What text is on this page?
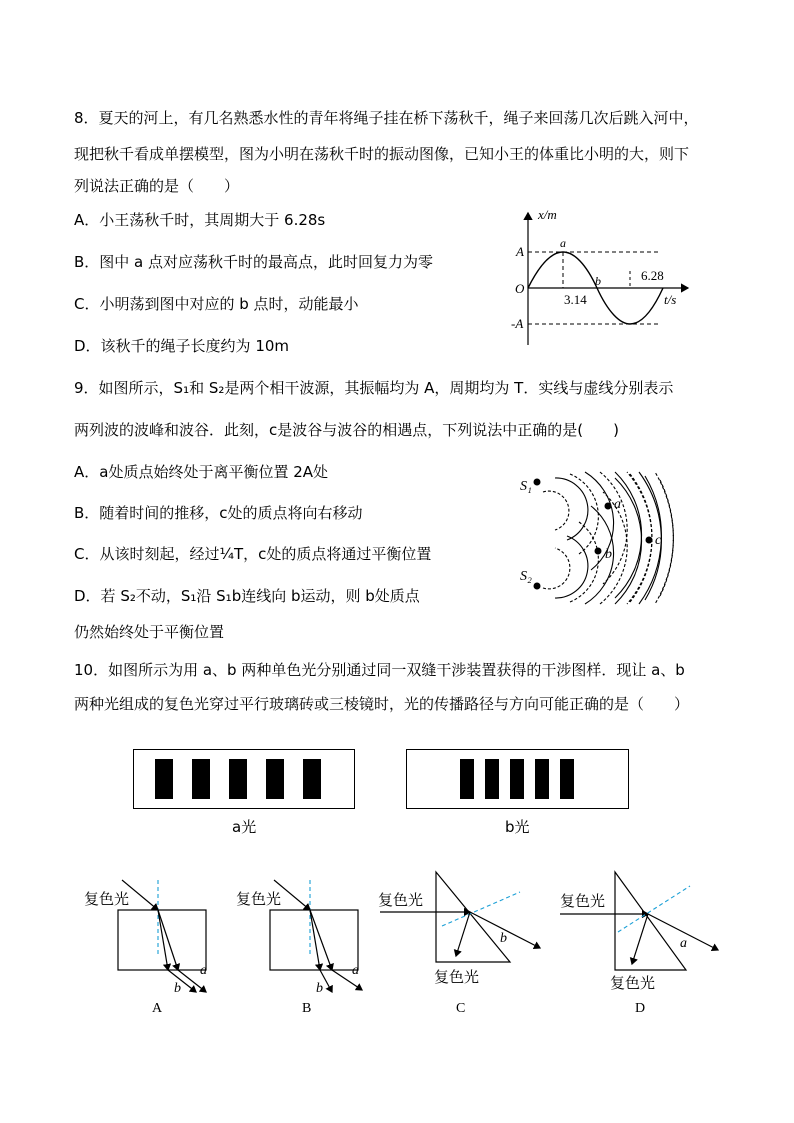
8．夏天的河上，有几名熟悉水性的青年将绳子挂在桥下荡秋千，绳子来回荡几次后跳入河中，
现把秋千看成单摆模型，图为小明在荡秋千时的振动图像，已知小王的体重比小明的大，则下
列说法正确的是（　　）
A．小王荡秋千时，其周期大于 6.28s
B．图中 a 点对应荡秋千时的最高点，此时回复力为零
C．小明荡到图中对应的 b 点时，动能最小
D．该秋千的绳子长度约为 10m
x/m
t/s
O
A
-A
3.14
6.28
a
b
9．如图所示，S₁和 S₂是两个相干波源，其振幅均为 A，周期均为 T．实线与虚线分别表示
两列波的波峰和波谷．此刻，c是波谷与波谷的相遇点，下列说法中正确的是(　　)
A．a处质点始终处于离平衡位置 2A处
B．随着时间的推移，c处的质点将向右移动
C．从该时刻起，经过¼T，c处的质点将通过平衡位置
D．若 S₂不动，S₁沿 S₁b连线向 b运动，则 b处质点
仍然始终处于平衡位置
S₁
S₂
a
b
c
10．如图所示为用 a、b 两种单色光分别通过同一双缝干涉装置获得的干涉图样．现让 a、b
两种光组成的复色光穿过平行玻璃砖或三棱镜时，光的传播路径与方向可能正确的是（　　）
a光	b光
复色光
b
a
A
复色光
b
a
B
复色光
复色光
b
C
复色光
复色光
a
D
